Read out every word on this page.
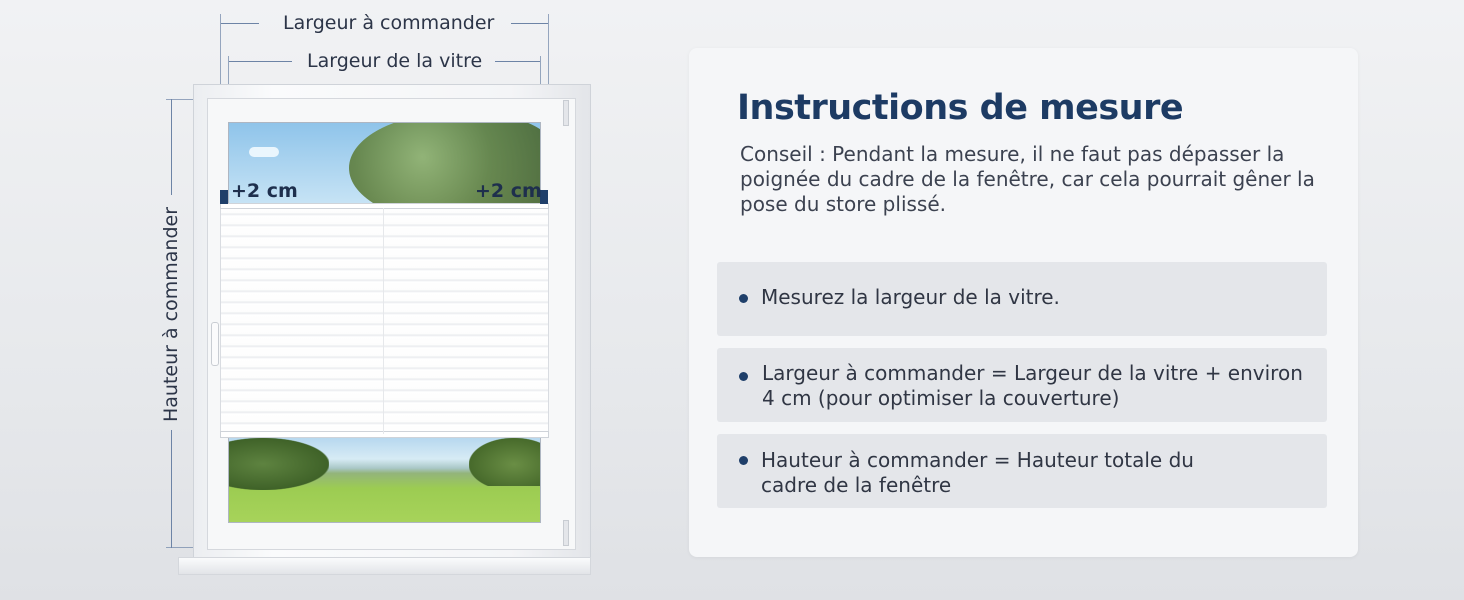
Largeur à commander
Largeur de la vitre
Hauteur à commander
+2 cm	+2 cm
Instructions de mesure
Conseil : Pendant la mesure, il ne faut pas dépasser la poignée du cadre de la fenêtre, car cela pourrait gêner la pose du store plissé.
Mesurez la largeur de la vitre.
Largeur à commander = Largeur de la vitre + environ
4 cm (pour optimiser la couverture)
Hauteur à commander = Hauteur totale du
cadre de la fenêtre
